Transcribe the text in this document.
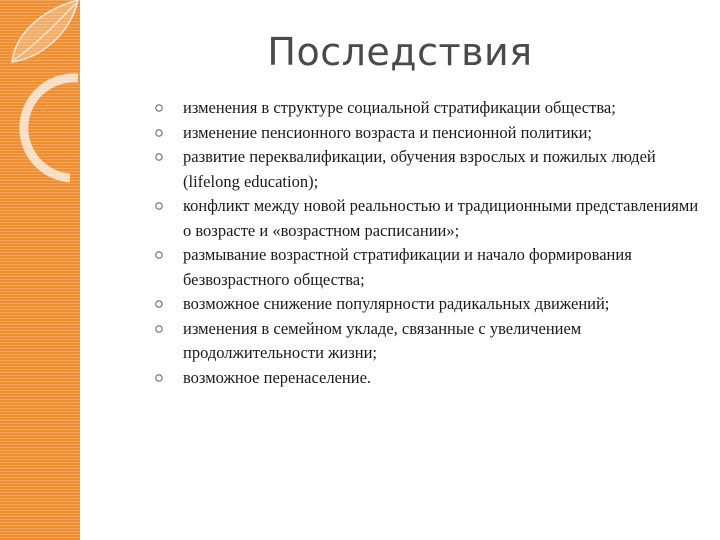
Последствия
изменения в структуре социальной стратификации общества;
изменение пенсионного возраста и пенсионной политики;
развитие переквалификации, обучения взрослых и пожилых людей (lifelong education);
конфликт между новой реальностью и традиционными представлениями о возрасте и «возрастном расписании»;
размывание возрастной стратификации и начало формирования безвозрастного общества;
возможное снижение популярности радикальных движений;
изменения в семейном укладе, связанные с увеличением продолжительности жизни;
возможное перенаселение.
